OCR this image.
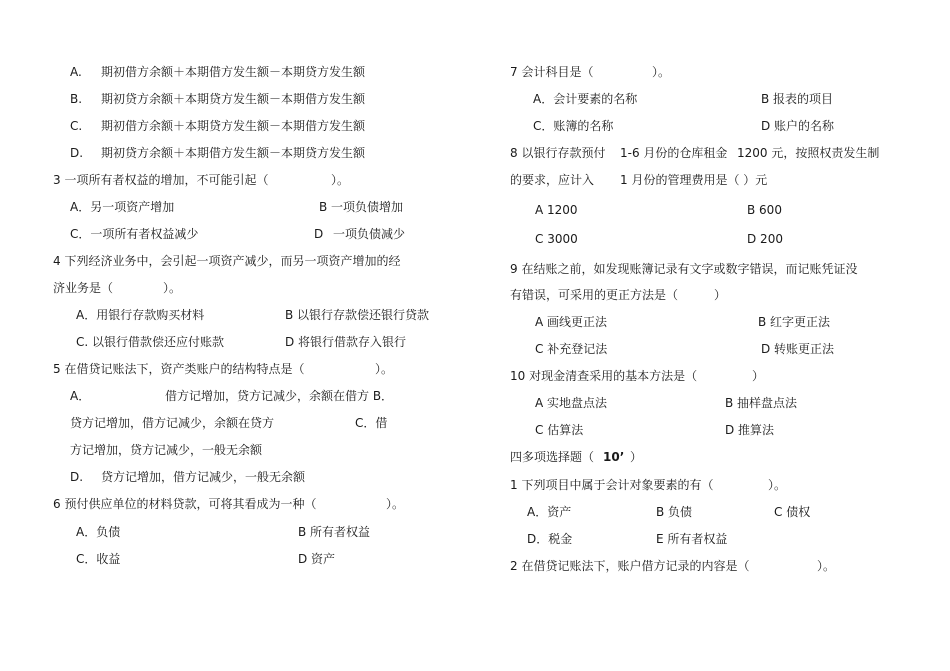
A. 期初借方余额＋本期借方发生额－本期贷方发生额
B. 期初贷方余额＋本期贷方发生额－本期借方发生额
C. 期初借方余额＋本期贷方发生额－本期借方发生额
D. 期初贷方余额＋本期借方发生额－本期贷方发生额
3 一项所有者权益的增加，不可能引起（	）。
A．另一项资产增加	B 一项负债增加
C．一项所有者权益减少	D 一项负债减少
4 下列经济业务中，会引起一项资产减少，而另一项资产增加的经
济业务是（	）。
A．用银行存款购买材料	B 以银行存款偿还银行贷款
C. 以银行借款偿还应付账款	D 将银行借款存入银行
5 在借贷记账法下，资产类账户的结构特点是（	）。
A．	借方记增加，贷方记减少，余额在借方 B．
贷方记增加，借方记减少，余额在贷方	C．借
方记增加，贷方记减少，一般无余额
D. 贷方记增加，借方记减少，一般无余额
6 预付供应单位的材料贷款，可将其看成为一种（	）。
A．负债	B 所有者权益
C．收益	D 资产
7 会计科目是（	）。
A．会计要素的名称	B 报表的项目
C．账簿的名称	D 账户的名称
8 以银行存款预付 1-6 月份的仓库租金 1200 元，按照权责发生制
的要求，应计入 1 月份的管理费用是（ ）元
A 1200	B 600
C 3000	D 200
9 在结账之前，如发现账簿记录有文字或数字错误，而记账凭证没
有错误，可采用的更正方法是（	）
A 画线更正法	B 红字更正法
C 补充登记法	D 转账更正法
10 对现金清查采用的基本方法是（	）
A 实地盘点法	B 抽样盘点法
C 估算法	D 推算法
四多项选择题（ 10’ ）
1 下列项目中属于会计对象要素的有（	）。
A．资产	B 负债	C 债权
D．税金	E 所有者权益
2 在借贷记账法下，账户借方记录的内容是（	）。
